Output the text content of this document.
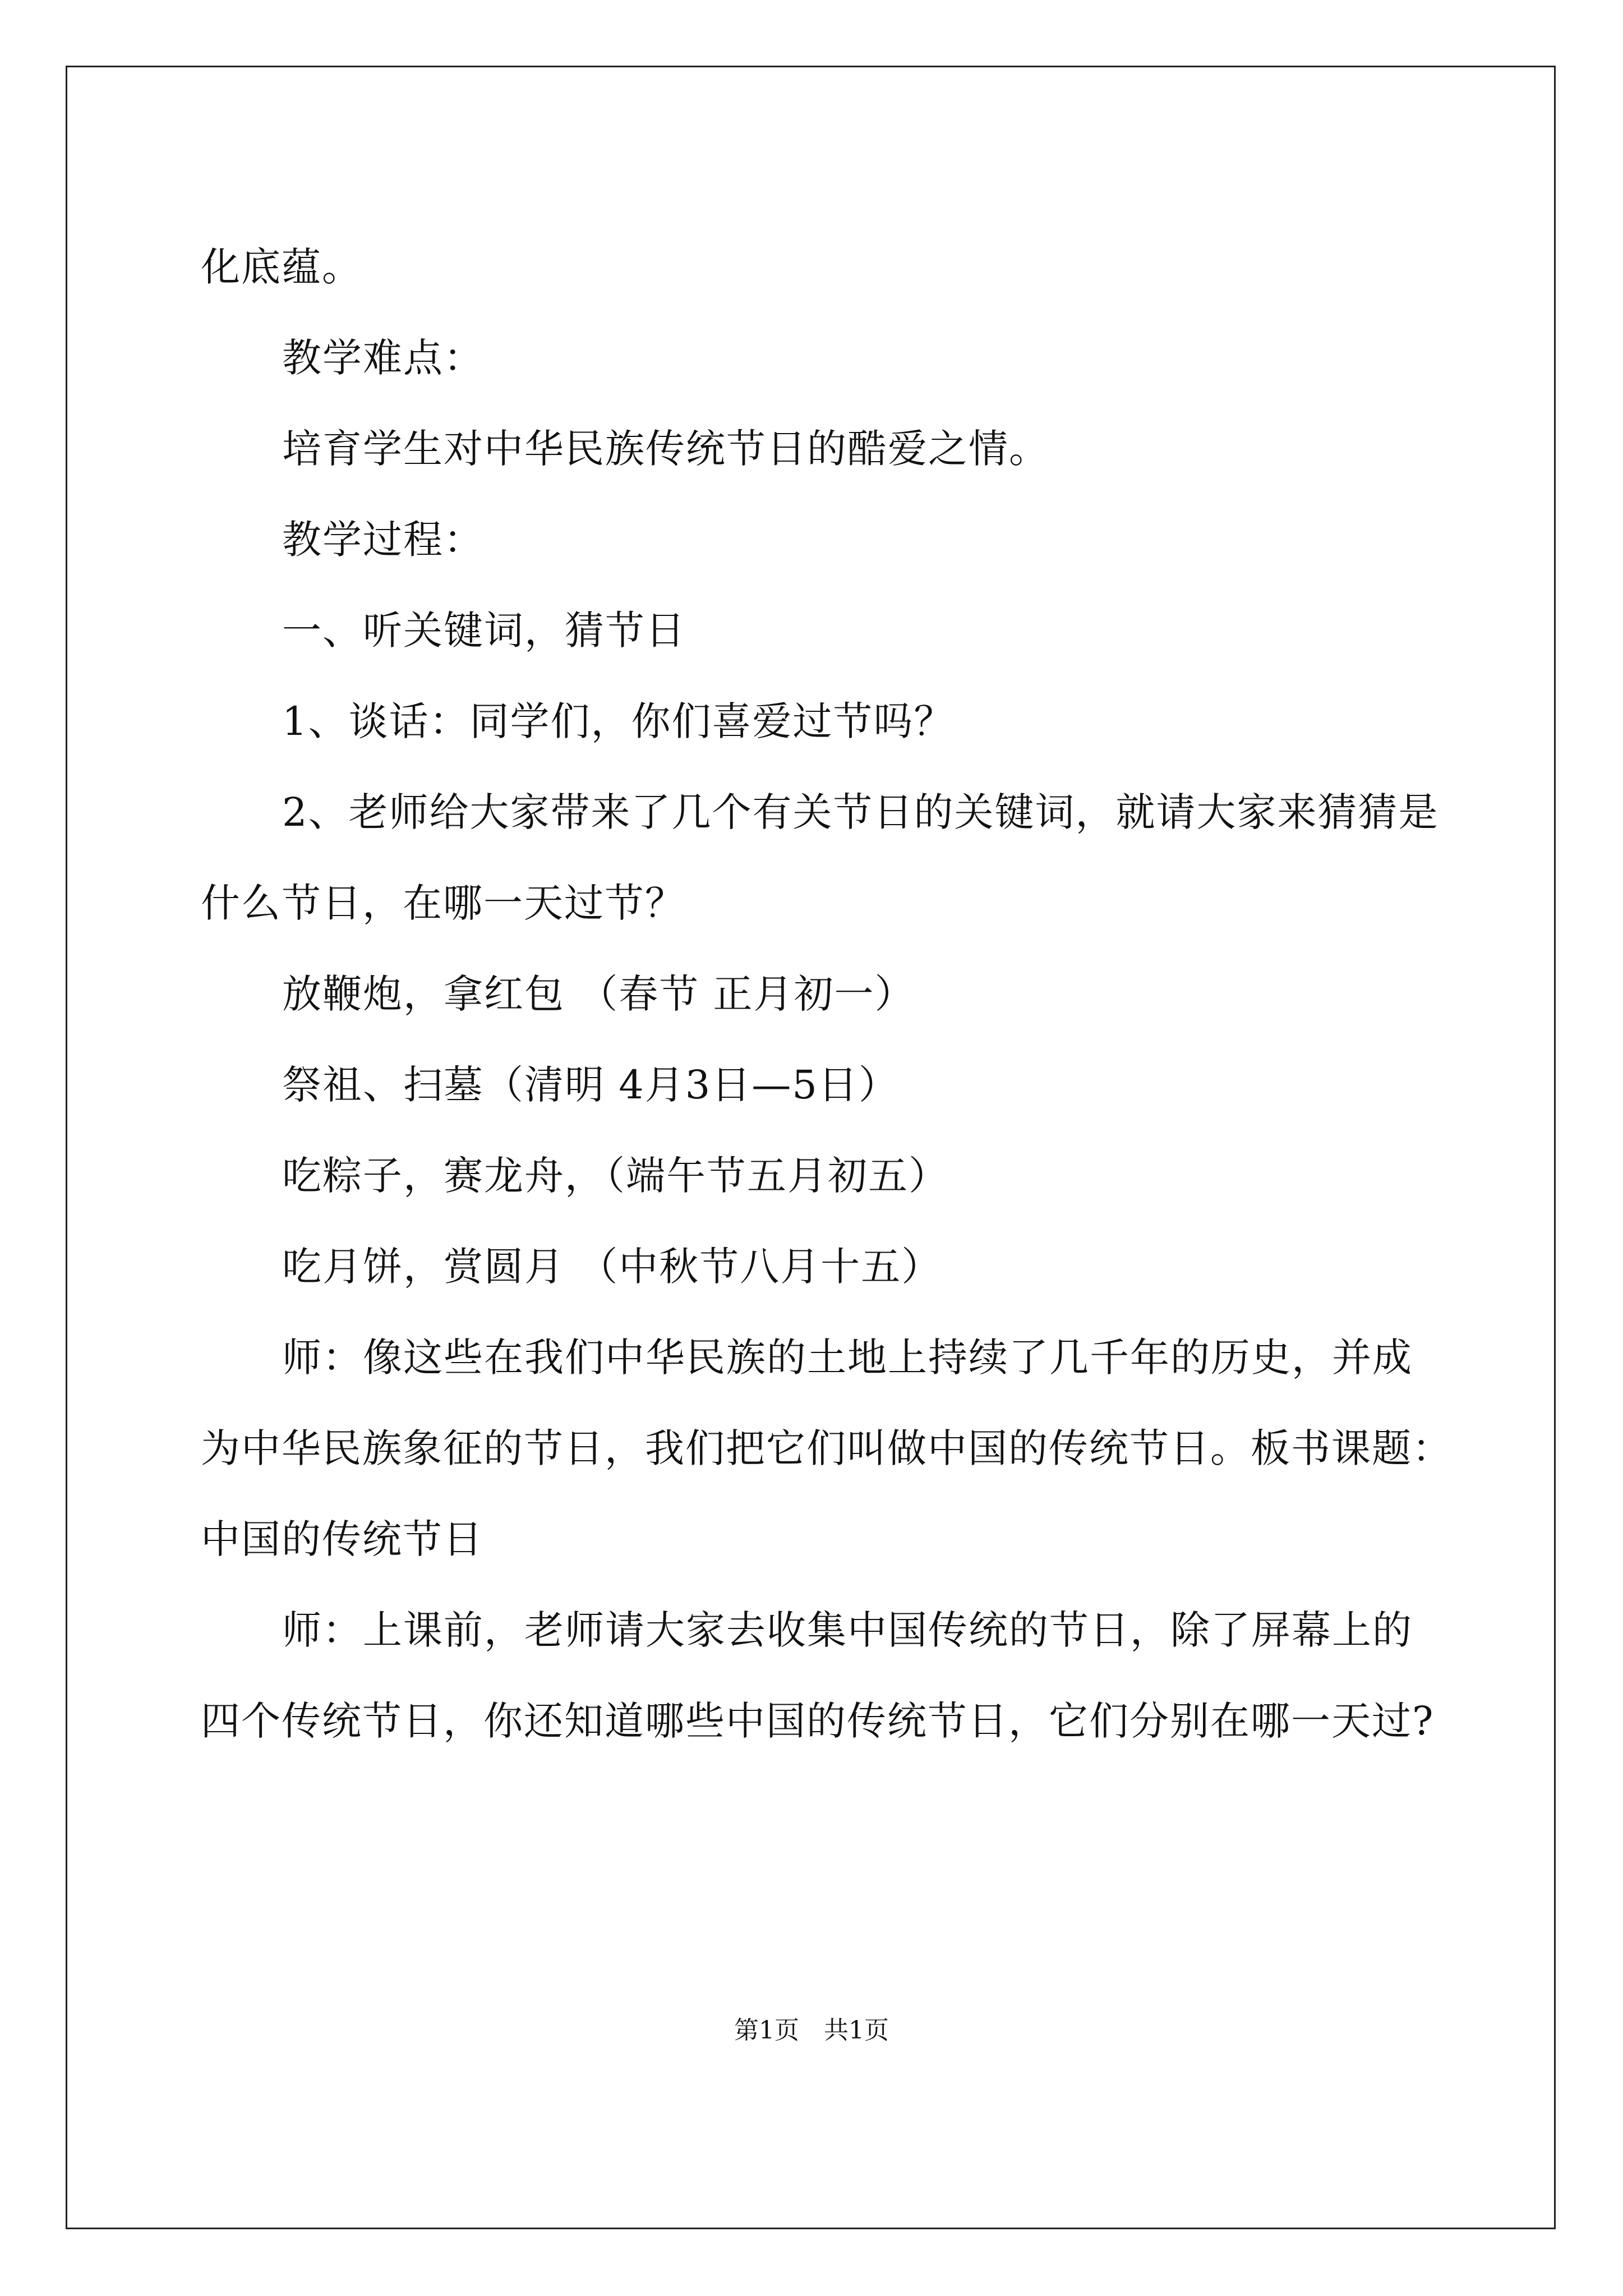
化底蕴。
教学难点：
培育学生对中华民族传统节日的酷爱之情。
教学过程：
一、听关键词，猜节日
1、谈话：同学们，你们喜爱过节吗？
2、老师给大家带来了几个有关节日的关键词，就请大家来猜猜是
什么节日，在哪一天过节？
放鞭炮，拿红包 （春节 正月初一）
祭祖、扫墓（清明 4月3日—5日）
吃粽子，赛龙舟，（端午节五月初五）
吃月饼，赏圆月 （中秋节八月十五）
师：像这些在我们中华民族的土地上持续了几千年的历史，并成
为中华民族象征的节日，我们把它们叫做中国的传统节日。板书课题：
中国的传统节日
师：上课前，老师请大家去收集中国传统的节日，除了屏幕上的
四个传统节日，你还知道哪些中国的传统节日，它们分别在哪一天过?
第1页　共1页
